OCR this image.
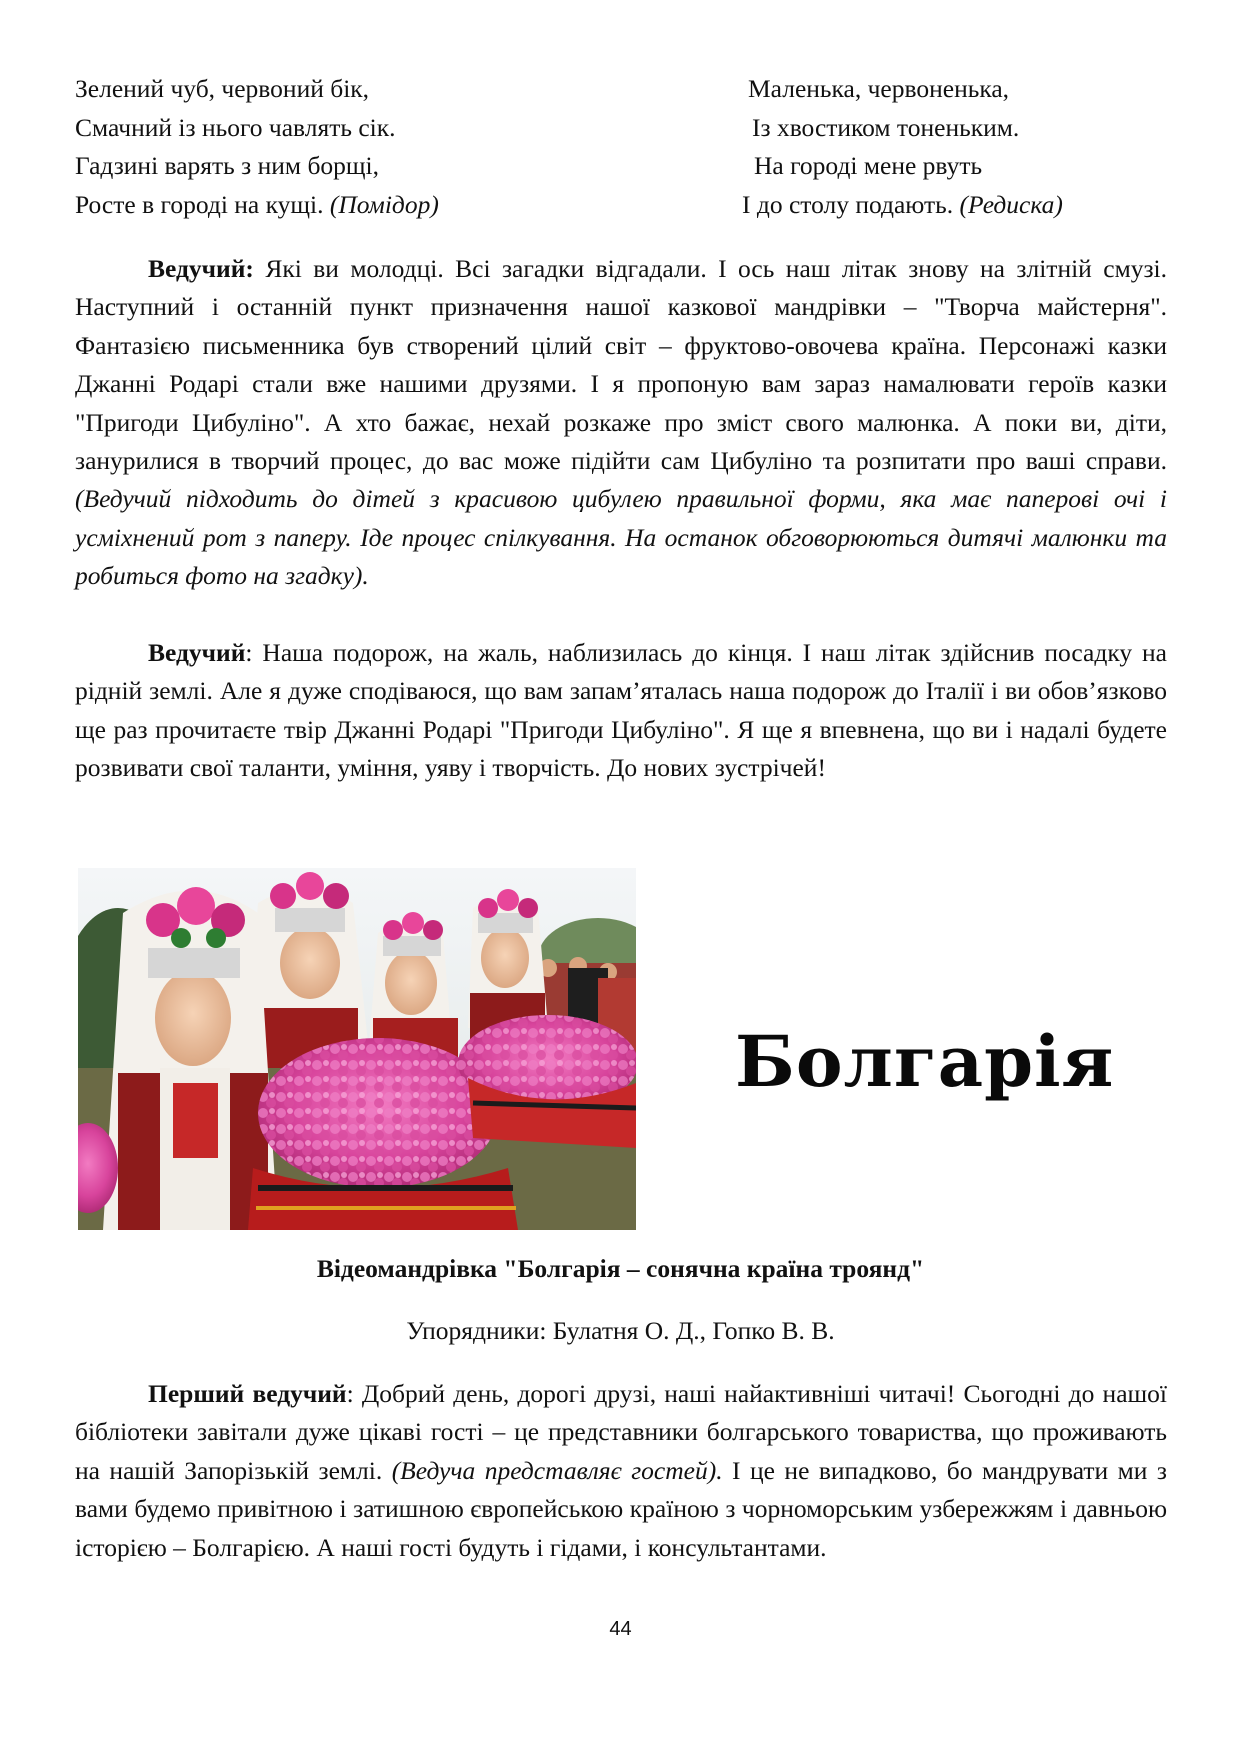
Зелений чуб, червоний бік,
Смачний із нього чавлять сік.
Гадзині варять з ним борщі,
Росте в городі на кущі. (Помідор)
Маленька, червоненька,
Із хвостиком тоненьким.
На городі мене рвуть
І до столу подають. (Редиска)

Ведучий: Які ви молодці. Всі загадки відгадали. І ось наш літак знову на злітній смузі. Наступний і останній пункт призначення нашої казкової мандрівки – "Творча майстерня". Фантазією письменника був створений цілий світ – фруктово-овочева країна. Персонажі казки Джанні Родарі стали вже нашими друзями. І я пропоную вам зараз намалювати героїв казки "Пригоди Цибуліно". А хто бажає, нехай розкаже про зміст свого малюнка. А поки ви, діти, занурилися в творчий процес, до вас може підійти сам Цибуліно та розпитати про ваші справи. (Ведучий підходить до дітей з красивою цибулею правильної форми, яка має паперові очі і усміхнений рот з паперу. Іде процес спілкування. На останок обговорюються дитячі малюнки та робиться фото на згадку).

Ведучий: Наша подорож, на жаль, наблизилась до кінця. І наш літак здійснив посадку на рідній землі. Але я дуже сподіваюся, що вам запам’яталась наша подорож до Італії і ви обов’язково ще раз прочитаєте твір Джанні Родарі "Пригоди Цибуліно". Я ще я впевнена, що ви і надалі будете розвивати свої таланти, уміння, уяву і творчість. До нових зустрічей!

Болгарія

Відеомандрівка "Болгарія – сонячна країна троянд"

Упорядники: Булатня О. Д., Гопко В. В.

Перший ведучий: Добрий день, дорогі друзі, наші найактивніші читачі! Сьогодні до нашої бібліотеки завітали дуже цікаві гості – це представники болгарського товариства, що проживають на нашій Запорізькій землі. (Ведуча представляє гостей). І це не випадково, бо мандрувати ми з вами будемо привітною і затишною європейською країною з чорноморським узбережжям і давньою історією – Болгарією. А наші гості будуть і гідами, і консультантами.

44
